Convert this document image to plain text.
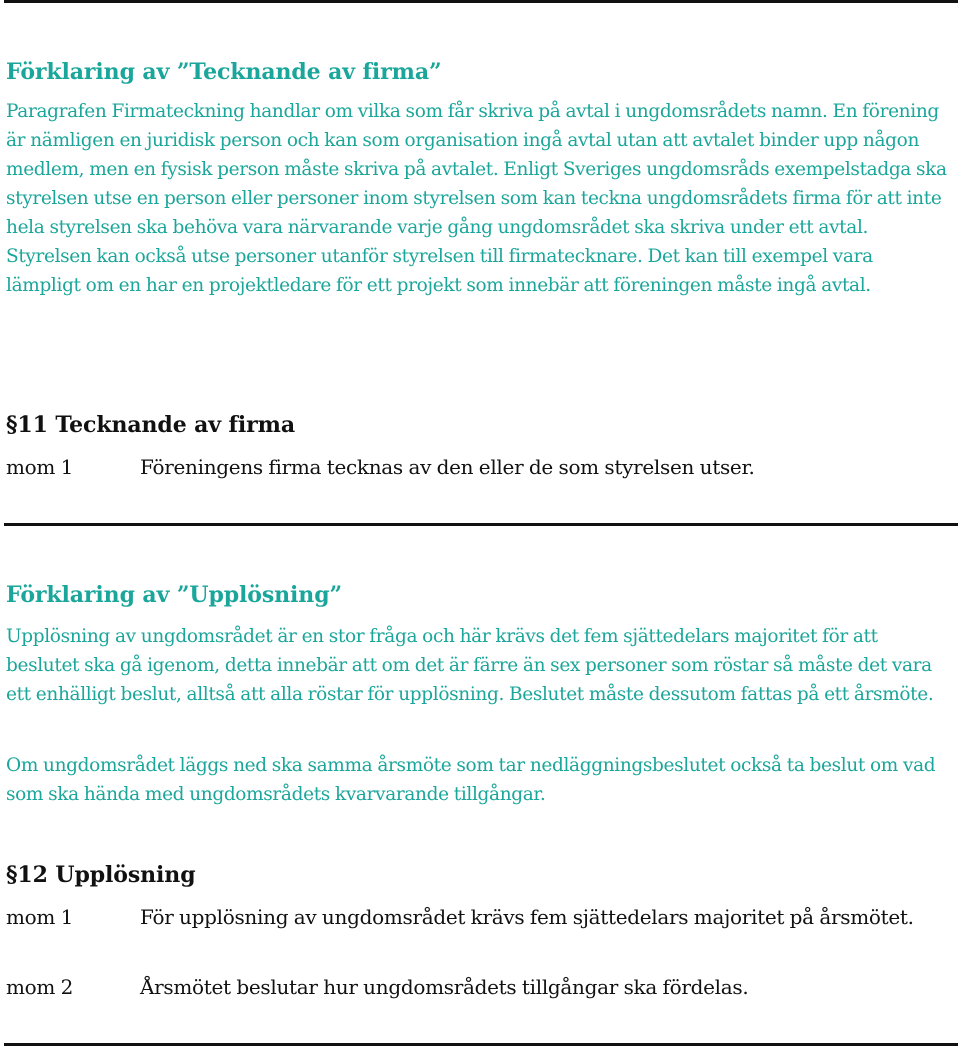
Förklaring av ”Tecknande av firma”

Paragrafen Firmateckning handlar om vilka som får skriva på avtal i ungdomsrådets namn. En förening är nämligen en juridisk person och kan som organisation ingå avtal utan att avtalet binder upp någon medlem, men en fysisk person måste skriva på avtalet. Enligt Sveriges ungdomsråds exempelstadga ska styrelsen utse en person eller personer inom styrelsen som kan teckna ungdomsrådets firma för att inte hela styrelsen ska behöva vara närvarande varje gång ungdomsrådet ska skriva under ett avtal. Styrelsen kan också utse personer utanför styrelsen till firmatecknare. Det kan till exempel vara lämpligt om en har en projektledare för ett projekt som innebär att föreningen måste ingå avtal.

§11 Tecknande av firma
mom 1	Föreningens firma tecknas av den eller de som styrelsen utser.
Förklaring av ”Upplösning”

Upplösning av ungdomsrådet är en stor fråga och här krävs det fem sjättedelars majoritet för att beslutet ska gå igenom, detta innebär att om det är färre än sex personer som röstar så måste det vara ett enhälligt beslut, alltså att alla röstar för upplösning. Beslutet måste dessutom fattas på ett årsmöte.

Om ungdomsrådet läggs ned ska samma årsmöte som tar nedläggningsbeslutet också ta beslut om vad som ska hända med ungdomsrådets kvarvarande tillgångar.

§12 Upplösning
mom 1	För upplösning av ungdomsrådet krävs fem sjättedelars majoritet på årsmötet.
mom 2	Årsmötet beslutar hur ungdomsrådets tillgångar ska fördelas.
